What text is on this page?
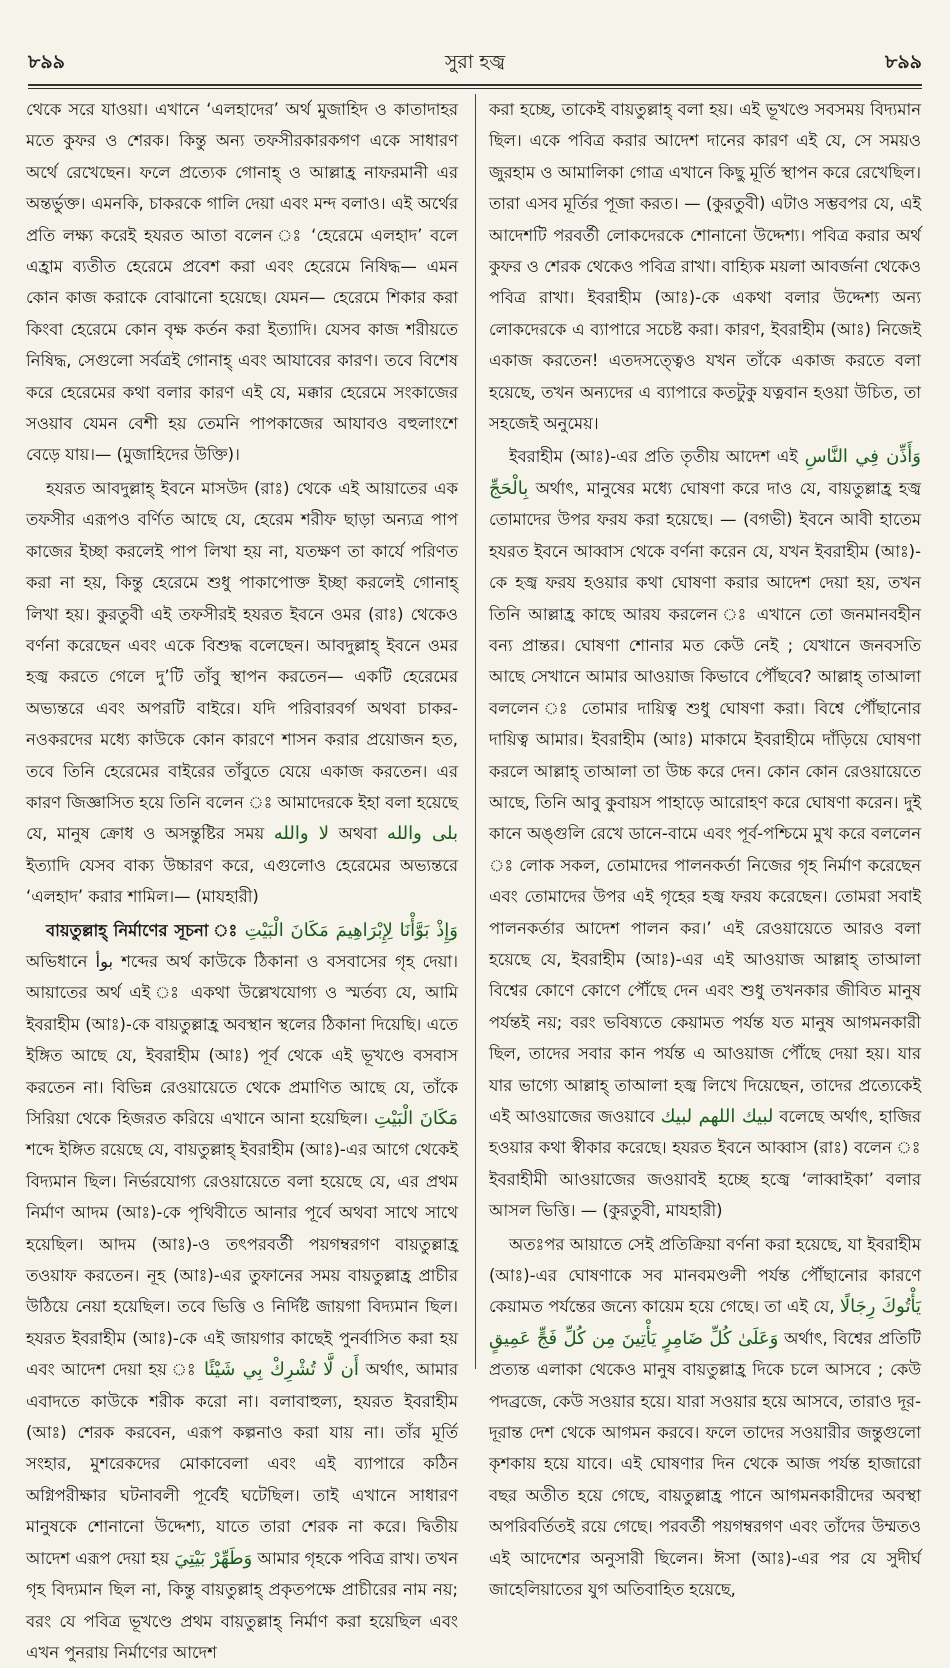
৮৯৯	সুরা হজ্ব	৮৯৯

থেকে সরে যাওয়া। এখানে ‘এলহাদের’ অর্থ মুজাহিদ ও কাতাদাহর মতে কুফর ও শেরক। কিন্তু অন্য তফসীরকারকগণ একে সাধারণ অর্থে রেখেছেন। ফলে প্রত্যেক গোনাহ্ ও আল্লাহ্র নাফরমানী এর অন্তর্ভুক্ত। এমনকি, চাকরকে গালি দেয়া এবং মন্দ বলাও। এই অর্থের প্রতি লক্ষ্য করেই হযরত আতা বলেন ঃ ‘হেরেমে এলহাদ’ বলে এহ্রাম ব্যতীত হেরেমে প্রবেশ করা এবং হেরেমে নিষিদ্ধ— এমন কোন কাজ করাকে বোঝানো হয়েছে। যেমন— হেরেমে শিকার করা কিংবা হেরেমে কোন বৃক্ষ কর্তন করা ইত্যাদি। যেসব কাজ শরীয়তে নিষিদ্ধ, সেগুলো সর্বত্রই গোনাহ্ এবং আযাবের কারণ। তবে বিশেষ করে হেরেমের কথা বলার কারণ এই যে, মক্কার হেরেমে সংকাজের সওয়াব যেমন বেশী হয় তেমনি পাপকাজের আযাবও বহুলাংশে বেড়ে যায়।— (মুজাহিদের উক্তি)।

হযরত আবদুল্লাহ্ ইবনে মাসউদ (রাঃ) থেকে এই আয়াতের এক তফসীর এরূপও বর্ণিত আছে যে, হেরেম শরীফ ছাড়া অন্যত্র পাপ কাজের ইচ্ছা করলেই পাপ লিখা হয় না, যতক্ষণ তা কার্যে পরিণত করা না হয়, কিন্তু হেরেমে শুধু পাকাপোক্ত ইচ্ছা করলেই গোনাহ্ লিখা হয়। কুরতুবী এই তফসীরই হযরত ইবনে ওমর (রাঃ) থেকেও বর্ণনা করেছেন এবং একে বিশুদ্ধ বলেছেন। আবদুল্লাহ্ ইবনে ওমর হজ্ব করতে গেলে দু’টি তাঁবু স্থাপন করতেন— একটি হেরেমের অভ্যন্তরে এবং অপরটি বাইরে। যদি পরিবারবর্গ অথবা চাকর-নওকরদের মধ্যে কাউকে কোন কারণে শাসন করার প্রয়োজন হত, তবে তিনি হেরেমের বাইরের তাঁবুতে যেয়ে একাজ করতেন। এর কারণ জিজ্ঞাসিত হয়ে তিনি বলেন ঃ আমাদেরকে ইহা বলা হয়েছে যে, মানুষ ক্রোধ ও অসন্তুষ্টির সময় لا والله অথবা بلى والله ইত্যাদি যেসব বাক্য উচ্চারণ করে, এগুলোও হেরেমের অভ্যন্তরে ‘এলহাদ’ করার শামিল।— (মাযহারী)

বায়তুল্লাহ্ নির্মাণের সূচনা ঃ وَإِذْ بَوَّأْنَا لِإِبْرَاهِيمَ مَكَانَ الْبَيْتِ অভিধানে بوأ শব্দের অর্থ কাউকে ঠিকানা ও বসবাসের গৃহ দেয়া। আয়াতের অর্থ এই ঃ একথা উল্লেখযোগ্য ও স্মর্তব্য যে, আমি ইবরাহীম (আঃ)-কে বায়তুল্লাহ্র অবস্থান স্থলের ঠিকানা দিয়েছি। এতে ইঙ্গিত আছে যে, ইবরাহীম (আঃ) পূর্ব থেকে এই ভূখণ্ডে বসবাস করতেন না। বিভিন্ন রেওয়ায়েতে থেকে প্রমাণিত আছে যে, তাঁকে সিরিয়া থেকে হিজরত করিয়ে এখানে আনা হয়েছিল। مَكَانَ الْبَيْتِ শব্দে ইঙ্গিত রয়েছে যে, বায়তুল্লাহ্ ইবরাহীম (আঃ)-এর আগে থেকেই বিদ্যমান ছিল। নির্ভরযোগ্য রেওয়ায়েতে বলা হয়েছে যে, এর প্রথম নির্মাণ আদম (আঃ)-কে পৃথিবীতে আনার পূর্বে অথবা সাথে সাথে হয়েছিল। আদম (আঃ)-ও তৎপরবর্তী পয়গম্বরগণ বায়তুল্লাহ্র তওয়াফ করতেন। নূহ (আঃ)-এর তুফানের সময় বায়তুল্লাহ্র প্রাচীর উঠিয়ে নেয়া হয়েছিল। তবে ভিত্তি ও নির্দিষ্ট জায়গা বিদ্যমান ছিল। হযরত ইবরাহীম (আঃ)-কে এই জায়গার কাছেই পুনর্বাসিত করা হয় এবং আদেশ দেয়া হয় ঃ أَن لَّا تُشْرِكْ بِي شَيْئًا অর্থাৎ, আমার এবাদতে কাউকে শরীক করো না। বলাবাহুল্য, হযরত ইবরাহীম (আঃ) শেরক করবেন, এরূপ কল্পনাও করা যায় না। তাঁর মূর্তি সংহার, মুশরেকদের মোকাবেলা এবং এই ব্যাপারে কঠিন অগ্নিপরীক্ষার ঘটনাবলী পূর্বেই ঘটেছিল। তাই এখানে সাধারণ মানুষকে শোনানো উদ্দেশ্য, যাতে তারা শেরক না করে। দ্বিতীয় আদেশ এরূপ দেয়া হয় وَطَهِّرْ بَيْتِيَ আমার গৃহকে পবিত্র রাখ। তখন গৃহ বিদ্যমান ছিল না, কিন্তু বায়তুল্লাহ্ প্রকৃতপক্ষে প্রাচীরের নাম নয়; বরং যে পবিত্র ভূখণ্ডে প্রথম বায়তুল্লাহ্ নির্মাণ করা হয়েছিল এবং এখন পুনরায় নির্মাণের আদেশ

করা হচ্ছে, তাকেই বায়তুল্লাহ্ বলা হয়। এই ভূখণ্ডে সবসময় বিদ্যমান ছিল। একে পবিত্র করার আদেশ দানের কারণ এই যে, সে সময়ও জুরহাম ও আমালিকা গোত্র এখানে কিছু মূর্তি স্থাপন করে রেখেছিল। তারা এসব মূর্তির পূজা করত। — (কুরতুবী) এটাও সম্ভবপর যে, এই আদেশটি পরবর্তী লোকদেরকে শোনানো উদ্দেশ্য। পবিত্র করার অর্থ কুফর ও শেরক থেকেও পবিত্র রাখা। বাহ্যিক ময়লা আবর্জনা থেকেও পবিত্র রাখা। ইবরাহীম (আঃ)-কে একথা বলার উদ্দেশ্য অন্য লোকদেরকে এ ব্যাপারে সচেষ্ট করা। কারণ, ইবরাহীম (আঃ) নিজেই একাজ করতেন! এতদসত্ত্বেও যখন তাঁকে একাজ করতে বলা হয়েছে, তখন অন্যদের এ ব্যাপারে কতটুকু যত্নবান হওয়া উচিত, তা সহজেই অনুমেয়।

ইবরাহীম (আঃ)-এর প্রতি তৃতীয় আদেশ এই وَأَذِّن فِي النَّاسِ بِالْحَجِّ অর্থাৎ, মানুষের মধ্যে ঘোষণা করে দাও যে, বায়তুল্লাহ্র হজ্ব তোমাদের উপর ফরয করা হয়েছে। — (বগভী) ইবনে আবী হাতেম হযরত ইবনে আব্বাস থেকে বর্ণনা করেন যে, যখন ইবরাহীম (আঃ)-কে হজ্ব ফরয হওয়ার কথা ঘোষণা করার আদেশ দেয়া হয়, তখন তিনি আল্লাহ্র কাছে আরয করলেন ঃ এখানে তো জনমানবহীন বন্য প্রান্তর। ঘোষণা শোনার মত কেউ নেই ; যেখানে জনবসতি আছে সেখানে আমার আওয়াজ কিভাবে পৌঁছবে? আল্লাহ্ তাআলা বললেন ঃ তোমার দায়িত্ব শুধু ঘোষণা করা। বিশ্বে পৌঁছানোর দায়িত্ব আমার। ইবরাহীম (আঃ) মাকামে ইবরাহীমে দাঁড়িয়ে ঘোষণা করলে আল্লাহ্ তাআলা তা উচ্চ করে দেন। কোন কোন রেওয়ায়েতে আছে, তিনি আবু কুবায়স পাহাড়ে আরোহণ করে ঘোষণা করেন। দুই কানে অঙ্গুলি রেখে ডানে-বামে এবং পূর্ব-পশ্চিমে মুখ করে বললেন ঃ লোক সকল, তোমাদের পালনকর্তা নিজের গৃহ নির্মাণ করেছেন এবং তোমাদের উপর এই গৃহের হজ্ব ফরয করেছেন। তোমরা সবাই পালনকর্তার আদেশ পালন কর।’ এই রেওয়ায়েতে আরও বলা হয়েছে যে, ইবরাহীম (আঃ)-এর এই আওয়াজ আল্লাহ্ তাআলা বিশ্বের কোণে কোণে পৌঁছে দেন এবং শুধু তখনকার জীবিত মানুষ পর্যন্তই নয়; বরং ভবিষ্যতে কেয়ামত পর্যন্ত যত মানুষ আগমনকারী ছিল, তাদের সবার কান পর্যন্ত এ আওয়াজ পৌঁছে দেয়া হয়। যার যার ভাগ্যে আল্লাহ্ তাআলা হজ্ব লিখে দিয়েছেন, তাদের প্রত্যেকেই এই আওয়াজের জওয়াবে لبيك اللهم لبيك বলেছে অর্থাৎ, হাজির হওয়ার কথা স্বীকার করেছে। হযরত ইবনে আব্বাস (রাঃ) বলেন ঃ ইবরাহীমী আওয়াজের জওয়াবই হচ্ছে হজ্বে ‘লাব্বাইকা’ বলার আসল ভিত্তি। — (কুরতুবী, মাযহারী)

অতঃপর আয়াতে সেই প্রতিক্রিয়া বর্ণনা করা হয়েছে, যা ইবরাহীম (আঃ)-এর ঘোষণাকে সব মানবমণ্ডলী পর্যন্ত পৌঁছানোর কারণে কেয়ামত পর্যন্তের জন্যে কায়েম হয়ে গেছে। তা এই যে, يَأْتُوكَ رِجَالًا وَعَلَىٰ كُلِّ ضَامِرٍ يَأْتِينَ مِن كُلِّ فَجٍّ عَمِيقٍ অর্থাৎ, বিশ্বের প্রতিটি প্রত্যন্ত এলাকা থেকেও মানুষ বায়তুল্লাহ্র দিকে চলে আসবে ; কেউ পদব্রজে, কেউ সওয়ার হয়ে। যারা সওয়ার হয়ে আসবে, তারাও দূর-দূরান্ত দেশ থেকে আগমন করবে। ফলে তাদের সওয়ারীর জন্তুগুলো কৃশকায় হয়ে যাবে। এই ঘোষণার দিন থেকে আজ পর্যন্ত হাজারো বছর অতীত হয়ে গেছে, বায়তুল্লাহ্র পানে আগমনকারীদের অবস্থা অপরিবর্তিতই রয়ে গেছে। পরবর্তী পয়গম্বরগণ এবং তাঁদের উম্মতও এই আদেশের অনুসারী ছিলেন। ঈসা (আঃ)-এর পর যে সুদীর্ঘ জাহেলিয়াতের যুগ অতিবাহিত হয়েছে,
